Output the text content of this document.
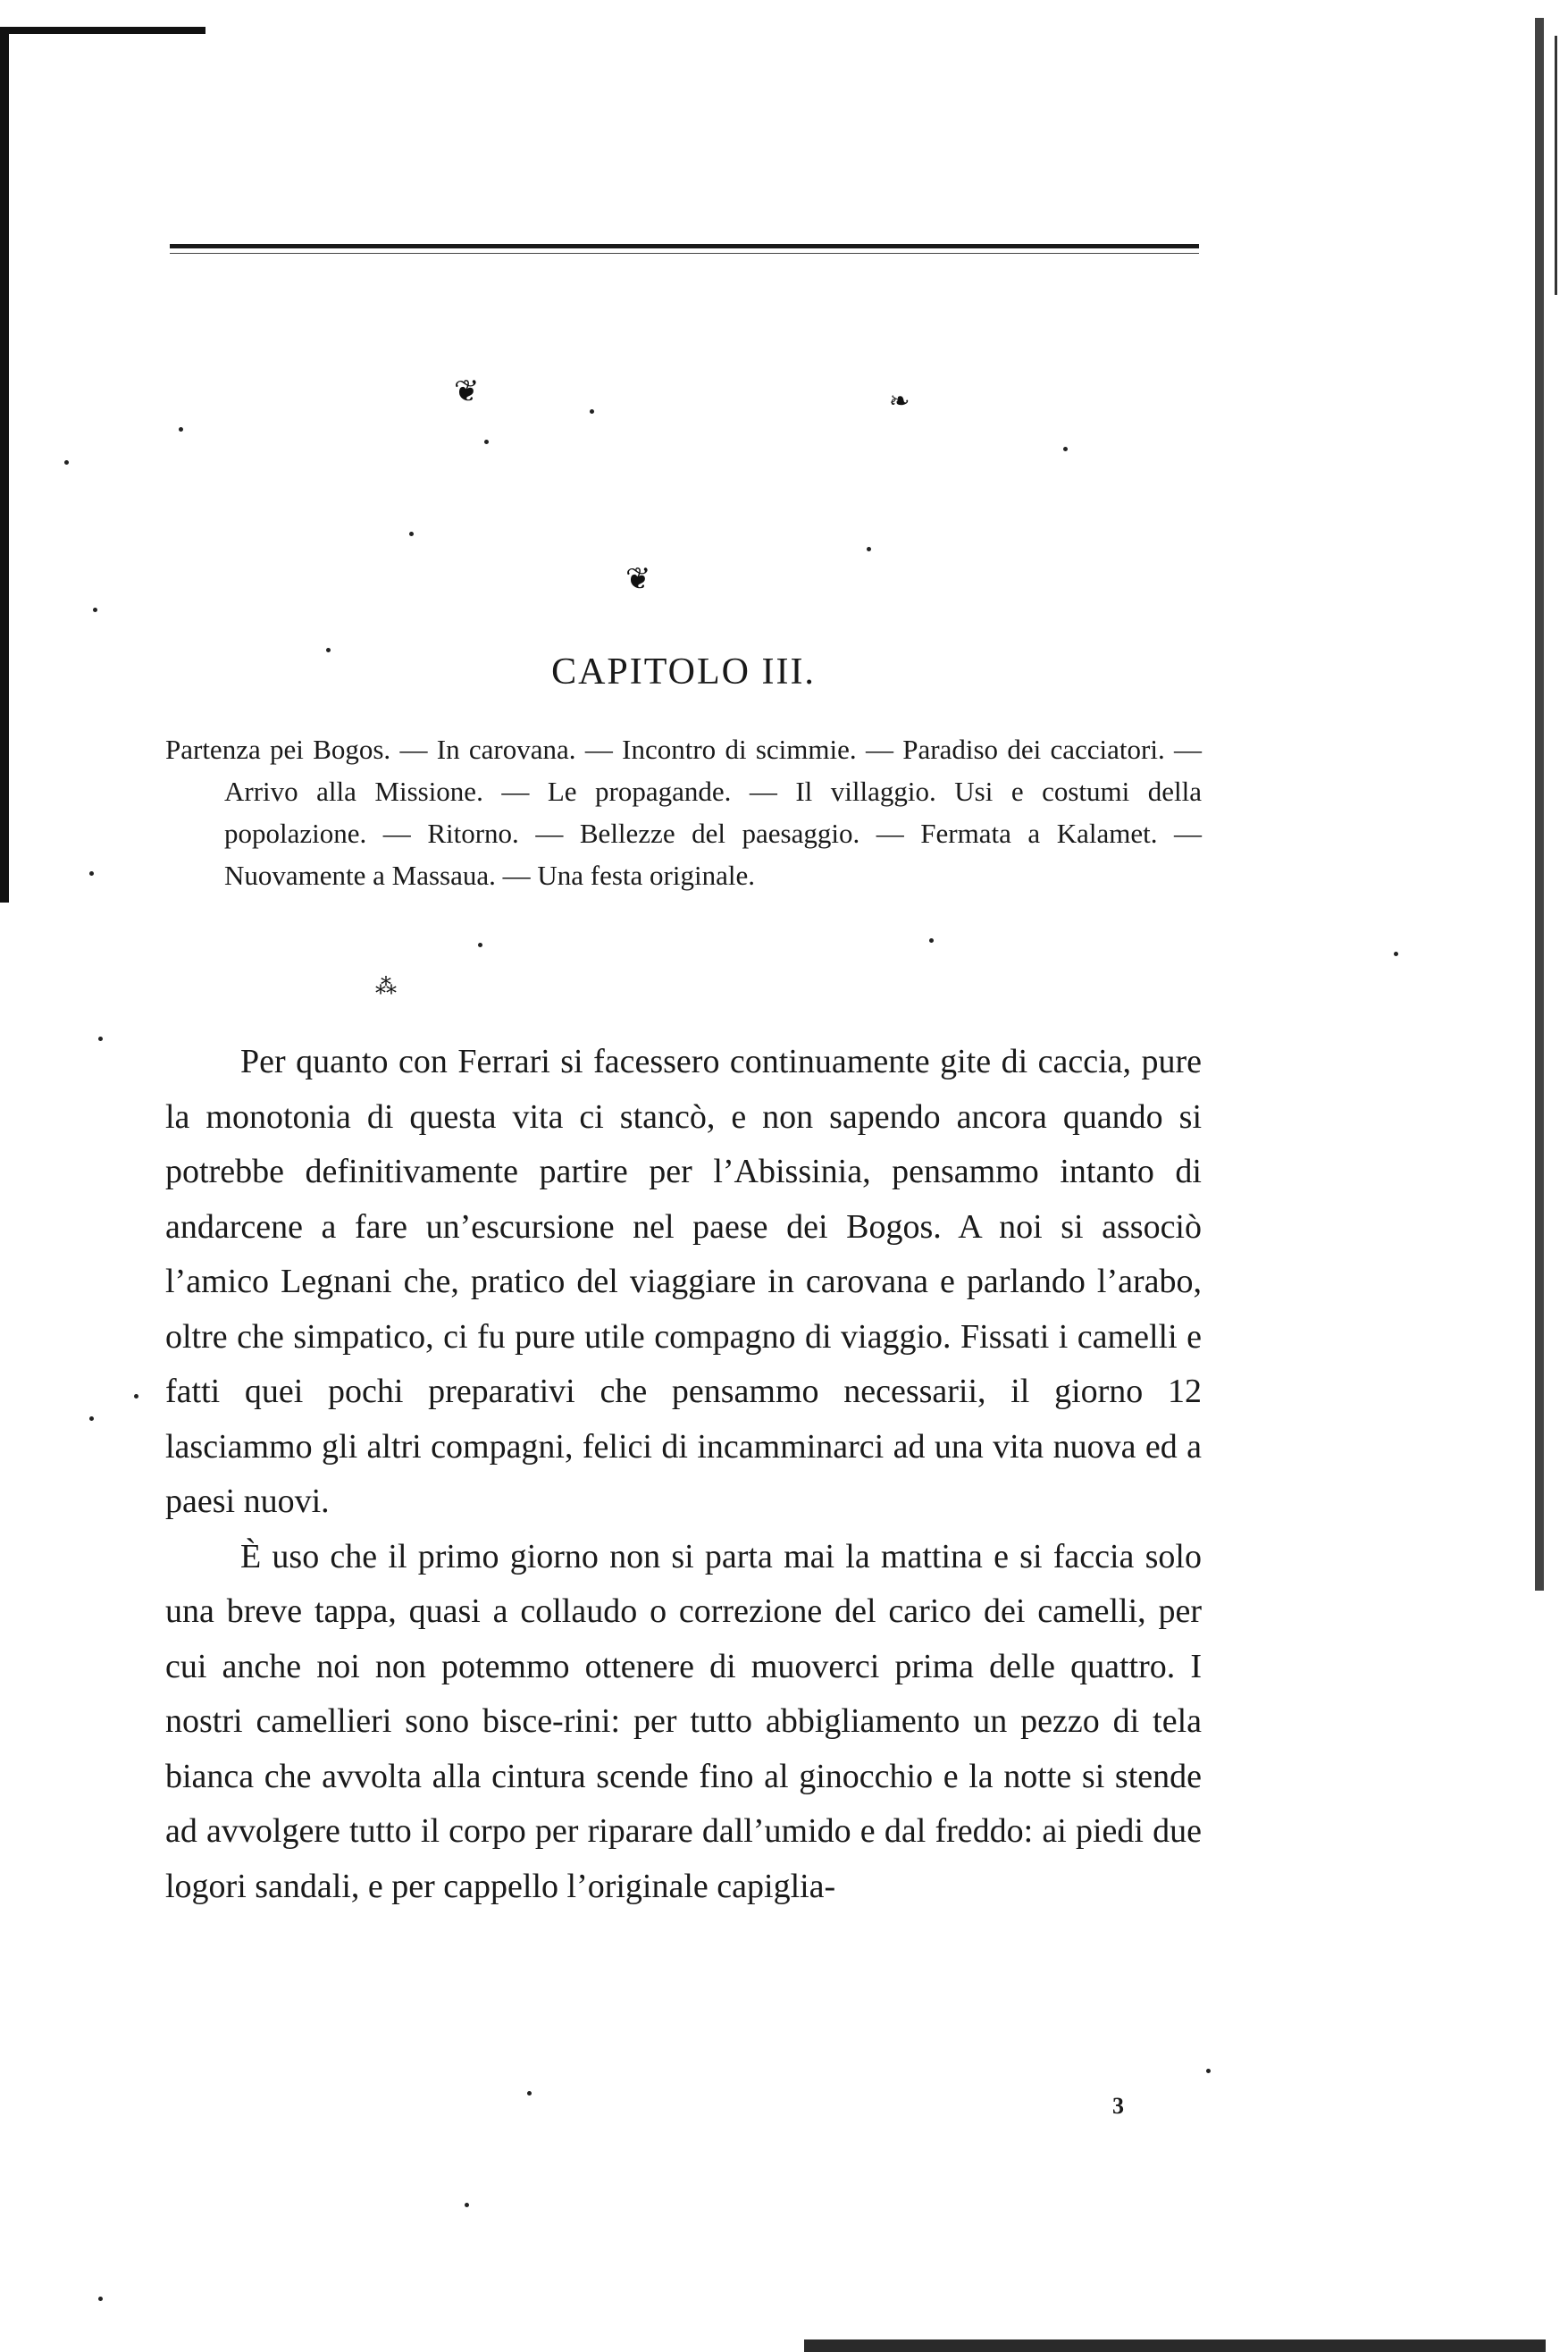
❦	❧
❦
⁂
CAPITOLO III.
Partenza pei Bogos. — In carovana. — Incontro di scimmie. — Paradiso dei cacciatori. — Arrivo alla Missione. — Le propagande. — Il villaggio. Usi e costumi della popolazione. — Ritorno. — Bellezze del paesaggio. — Fermata a Kalamet. — Nuovamente a Massaua. — Una festa originale.

Per quanto con Ferrari si facessero continuamente gite di caccia, pure la monotonia di questa vita ci stancò, e non sapendo ancora quando si potrebbe definitivamente partire per l’Abissinia, pensammo intanto di andarcene a fare un’escursione nel paese dei Bogos. A noi si associò l’amico Legnani che, pratico del viaggiare in carovana e parlando l’arabo, oltre che simpatico, ci fu pure utile compagno di viaggio. Fissati i camelli e fatti quei pochi preparativi che pensammo necessarii, il giorno 12 lasciammo gli altri compagni, felici di incamminarci ad una vita nuova ed a paesi nuovi.

È uso che il primo giorno non si parta mai la mattina e si faccia solo una breve tappa, quasi a collaudo o correzione del carico dei camelli, per cui anche noi non potemmo ottenere di muoverci prima delle quattro. I nostri camellieri sono bisce-rini: per tutto abbigliamento un pezzo di tela bianca che avvolta alla cintura scende fino al ginocchio e la notte si stende ad avvolgere tutto il corpo per riparare dall’umido e dal freddo: ai piedi due logori sandali, e per cappello l’originale capiglia-

3
